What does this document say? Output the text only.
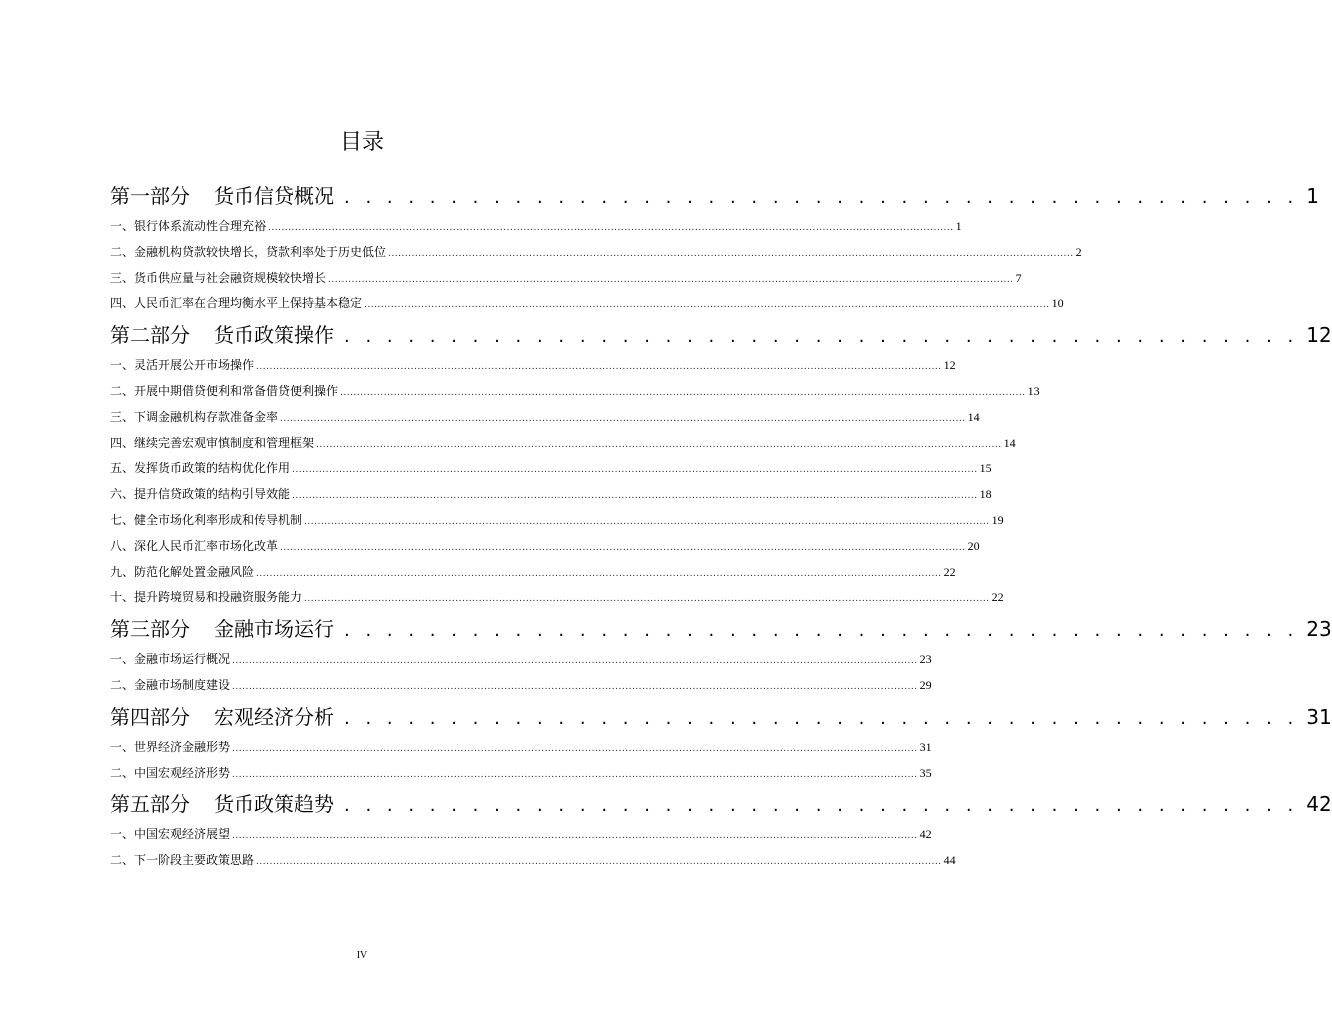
目录
第一部分 货币信贷概况 . . . . . . . . . . . . . . . . . . . . . . . . . . . . . . . . . . . . . . . . . . . . . 1
一、银行体系流动性合理充裕 ............................................................................................................................................................................................................ 1
二、金融机构贷款较快增长，贷款利率处于历史低位 ............................................................................................................................................................................................................ 2
三、货币供应量与社会融资规模较快增长 ............................................................................................................................................................................................................ 7
四、人民币汇率在合理均衡水平上保持基本稳定 ............................................................................................................................................................................................................ 10
第二部分 货币政策操作 . . . . . . . . . . . . . . . . . . . . . . . . . . . . . . . . . . . . . . . . . . . . . 12
一、灵活开展公开市场操作 ............................................................................................................................................................................................................ 12
二、开展中期借贷便利和常备借贷便利操作 ............................................................................................................................................................................................................ 13
三、下调金融机构存款准备金率 ............................................................................................................................................................................................................ 14
四、继续完善宏观审慎制度和管理框架 ............................................................................................................................................................................................................ 14
五、发挥货币政策的结构优化作用 ............................................................................................................................................................................................................ 15
六、提升信贷政策的结构引导效能 ............................................................................................................................................................................................................ 18
七、健全市场化利率形成和传导机制 ............................................................................................................................................................................................................ 19
八、深化人民币汇率市场化改革 ............................................................................................................................................................................................................ 20
九、防范化解处置金融风险 ............................................................................................................................................................................................................ 22
十、提升跨境贸易和投融资服务能力 ............................................................................................................................................................................................................ 22
第三部分 金融市场运行 . . . . . . . . . . . . . . . . . . . . . . . . . . . . . . . . . . . . . . . . . . . . . 23
一、金融市场运行概况 ............................................................................................................................................................................................................ 23
二、金融市场制度建设 ............................................................................................................................................................................................................ 29
第四部分 宏观经济分析 . . . . . . . . . . . . . . . . . . . . . . . . . . . . . . . . . . . . . . . . . . . . . 31
一、世界经济金融形势 ............................................................................................................................................................................................................ 31
二、中国宏观经济形势 ............................................................................................................................................................................................................ 35
第五部分 货币政策趋势 . . . . . . . . . . . . . . . . . . . . . . . . . . . . . . . . . . . . . . . . . . . . . 42
一、中国宏观经济展望 ............................................................................................................................................................................................................ 42
二、下一阶段主要政策思路 ............................................................................................................................................................................................................ 44
IV
